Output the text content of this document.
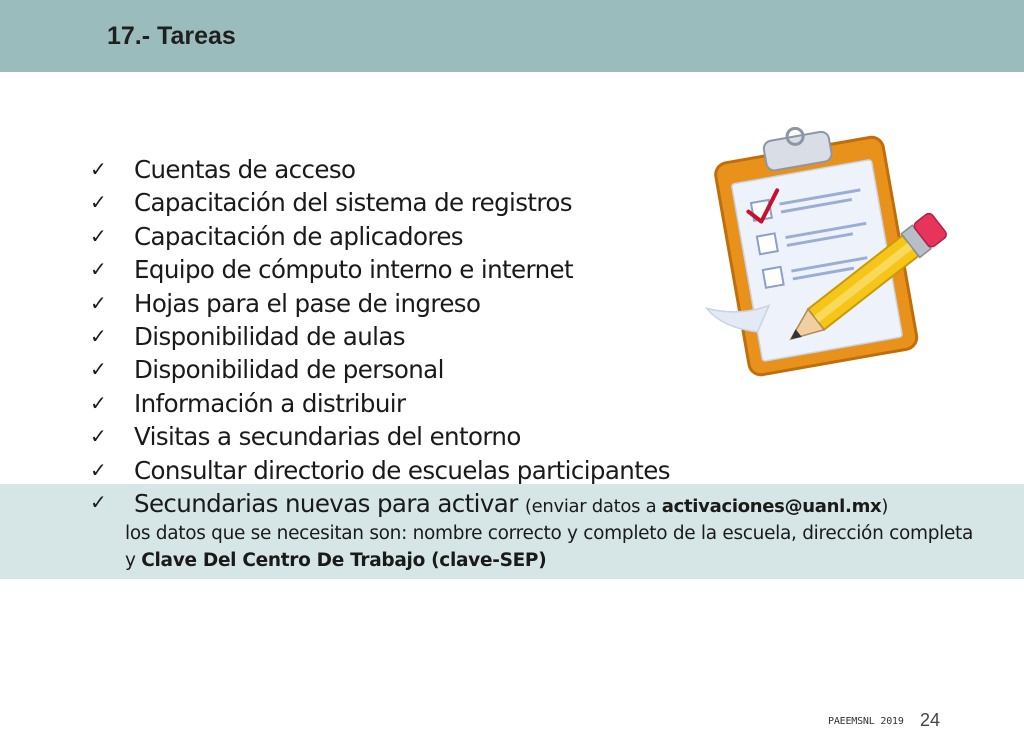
17.- Tareas
✓	Cuentas de acceso
✓	Capacitación del sistema de registros
✓	Capacitación de aplicadores
✓	Equipo de cómputo interno e internet
✓	Hojas para el pase de ingreso
✓	Disponibilidad de aulas
✓	Disponibilidad de personal
✓	Información a distribuir
✓	Visitas a secundarias del entorno
✓	Consultar directorio de escuelas participantes
✓	Secundarias nuevas para activar (enviar datos a activaciones@uanl.mx)
los datos que se necesitan son: nombre correcto y completo de la escuela, dirección completa y Clave Del Centro De Trabajo (clave-SEP)
PAEEMSNL 2019 24
